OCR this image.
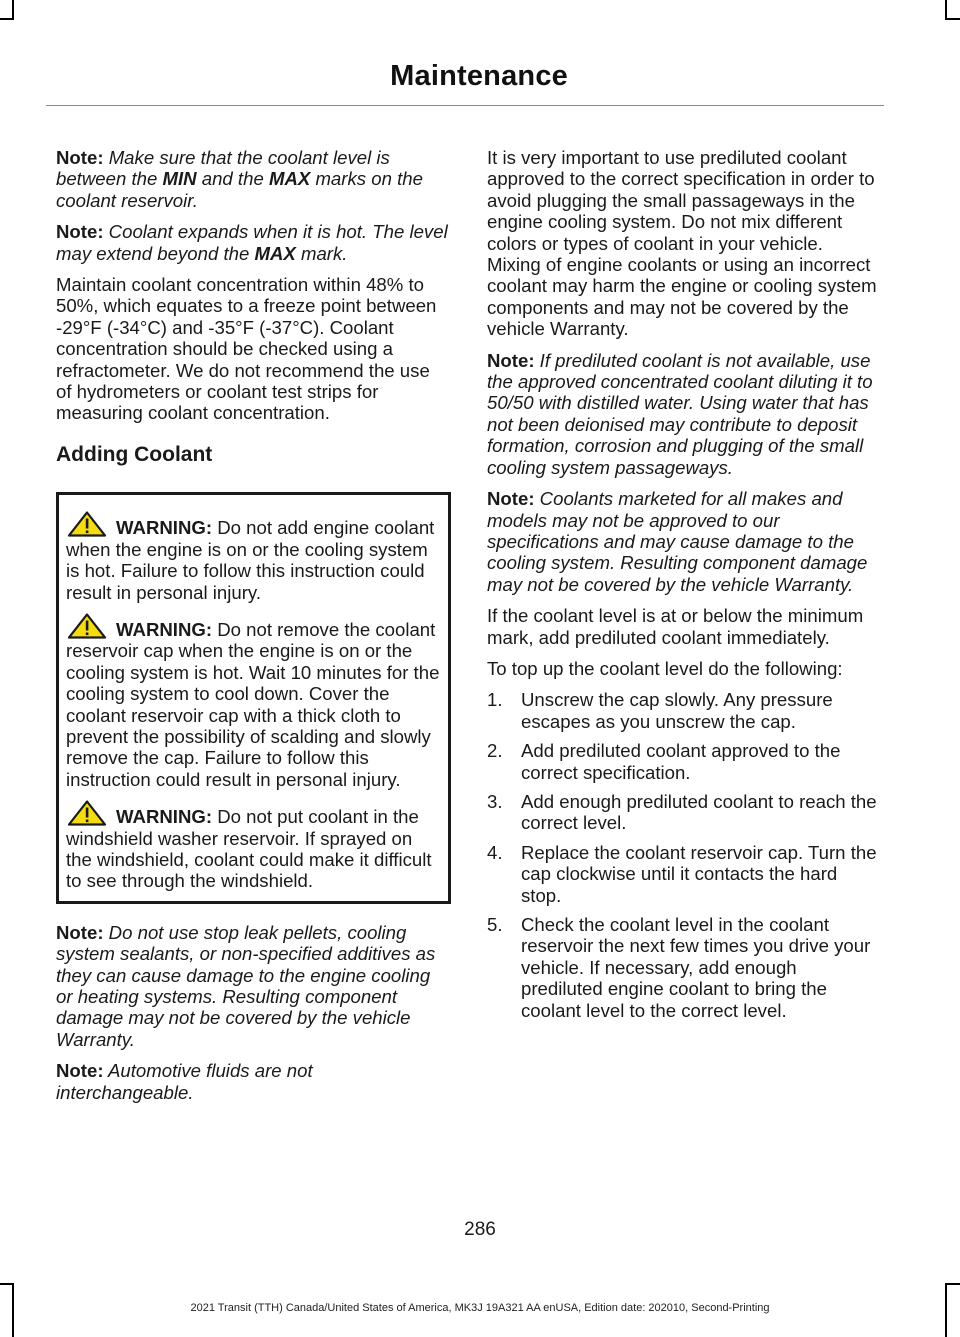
Maintenance

Note: Make sure that the coolant level is between the MIN and the MAX marks on the coolant reservoir.

Note: Coolant expands when it is hot. The level may extend beyond the MAX mark.

Maintain coolant concentration within 48% to 50%, which equates to a freeze point between -29°F (-34°C) and -35°F (-37°C). Coolant concentration should be checked using a refractometer. We do not recommend the use of hydrometers or coolant test strips for measuring coolant concentration.

Adding Coolant

WARNING: Do not add engine coolant when the engine is on or the cooling system is hot. Failure to follow this instruction could result in personal injury.

WARNING: Do not remove the coolant reservoir cap when the engine is on or the cooling system is hot. Wait 10 minutes for the cooling system to cool down. Cover the coolant reservoir cap with a thick cloth to prevent the possibility of scalding and slowly remove the cap. Failure to follow this instruction could result in personal injury.

WARNING: Do not put coolant in the windshield washer reservoir. If sprayed on the windshield, coolant could make it difficult to see through the windshield.

Note: Do not use stop leak pellets, cooling system sealants, or non-specified additives as they can cause damage to the engine cooling or heating systems. Resulting component damage may not be covered by the vehicle Warranty.

Note: Automotive fluids are not interchangeable.

It is very important to use prediluted coolant approved to the correct specification in order to avoid plugging the small passageways in the engine cooling system. Do not mix different colors or types of coolant in your vehicle. Mixing of engine coolants or using an incorrect coolant may harm the engine or cooling system components and may not be covered by the vehicle Warranty.

Note: If prediluted coolant is not available, use the approved concentrated coolant diluting it to 50/50 with distilled water. Using water that has not been deionised may contribute to deposit formation, corrosion and plugging of the small cooling system passageways.

Note: Coolants marketed for all makes and models may not be approved to our specifications and may cause damage to the cooling system. Resulting component damage may not be covered by the vehicle Warranty.

If the coolant level is at or below the minimum mark, add prediluted coolant immediately.

To top up the coolant level do the following:

1. Unscrew the cap slowly. Any pressure escapes as you unscrew the cap.
2. Add prediluted coolant approved to the correct specification.
3. Add enough prediluted coolant to reach the correct level.
4. Replace the coolant reservoir cap. Turn the cap clockwise until it contacts the hard stop.
5. Check the coolant level in the coolant reservoir the next few times you drive your vehicle. If necessary, add enough prediluted engine coolant to bring the coolant level to the correct level.
286
2021 Transit (TTH) Canada/United States of America, MK3J 19A321 AA enUSA, Edition date: 202010, Second-Printing
